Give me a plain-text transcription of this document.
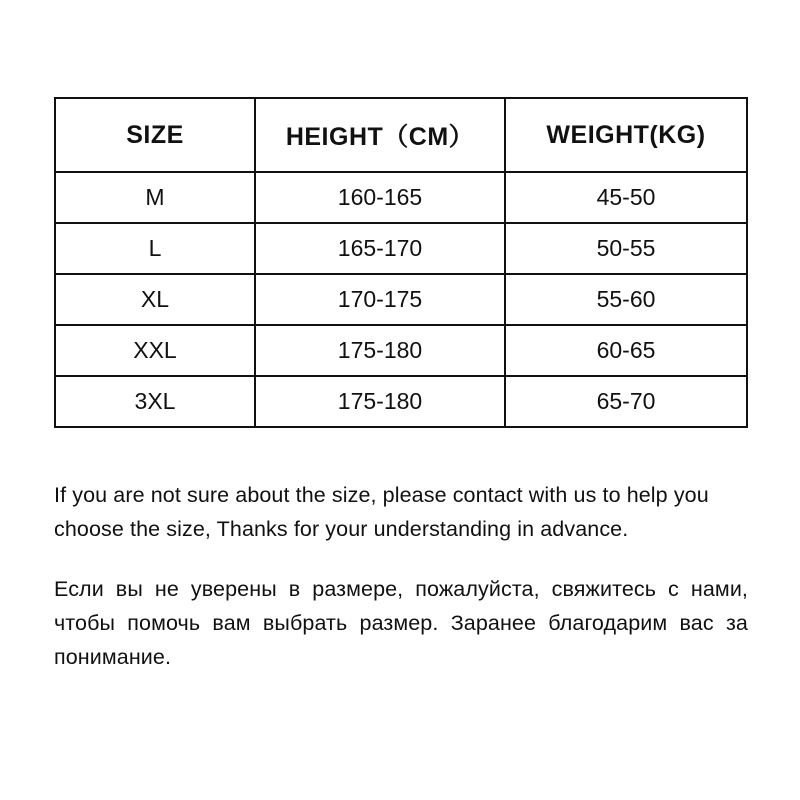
SIZE	HEIGHT（CM）	WEIGHT(KG)
M	160-165	45-50
L	165-170	50-55
XL	170-175	55-60
XXL	175-180	60-65
3XL	175-180	65-70

If you are not sure about the size, please contact with us to help you choose the size, Thanks for your understanding in advance.

Если вы не уверены в размере, пожалуйста, свяжитесь с нами, чтобы помочь вам выбрать размер. Заранее благодарим вас за понимание.
